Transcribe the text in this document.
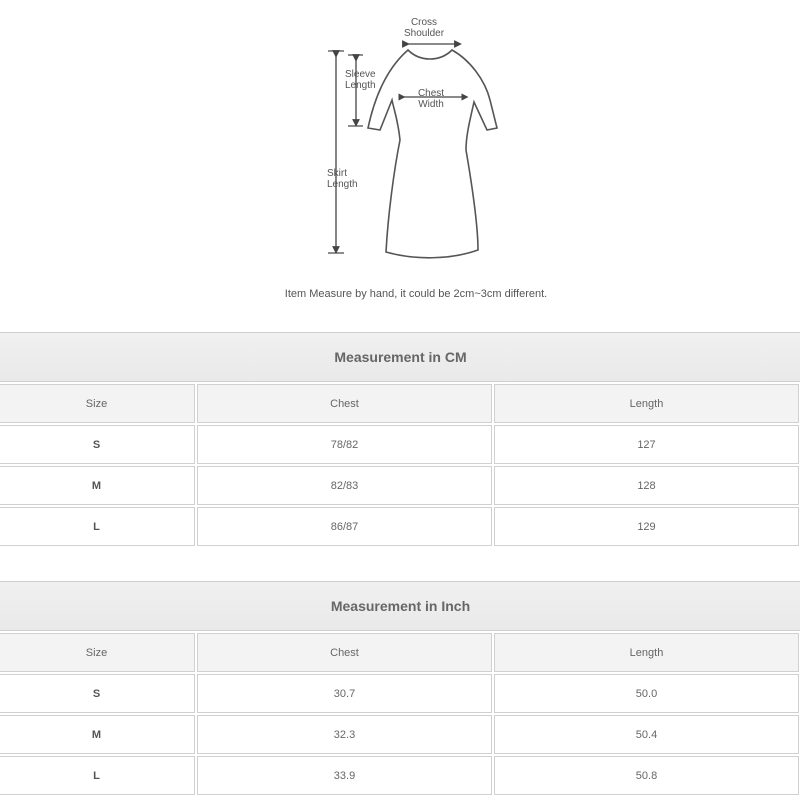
Cross
Shoulder
Sleeve
Length
Chest
Width
Skirt
Length
Item Measure by hand, it could be 2cm~3cm different.
Measurement in CM
Size	Chest	Length
S	78/82	127
M	82/83	128
L	86/87	129
Measurement in Inch
Size	Chest	Length
S	30.7	50.0
M	32.3	50.4
L	33.9	50.8
